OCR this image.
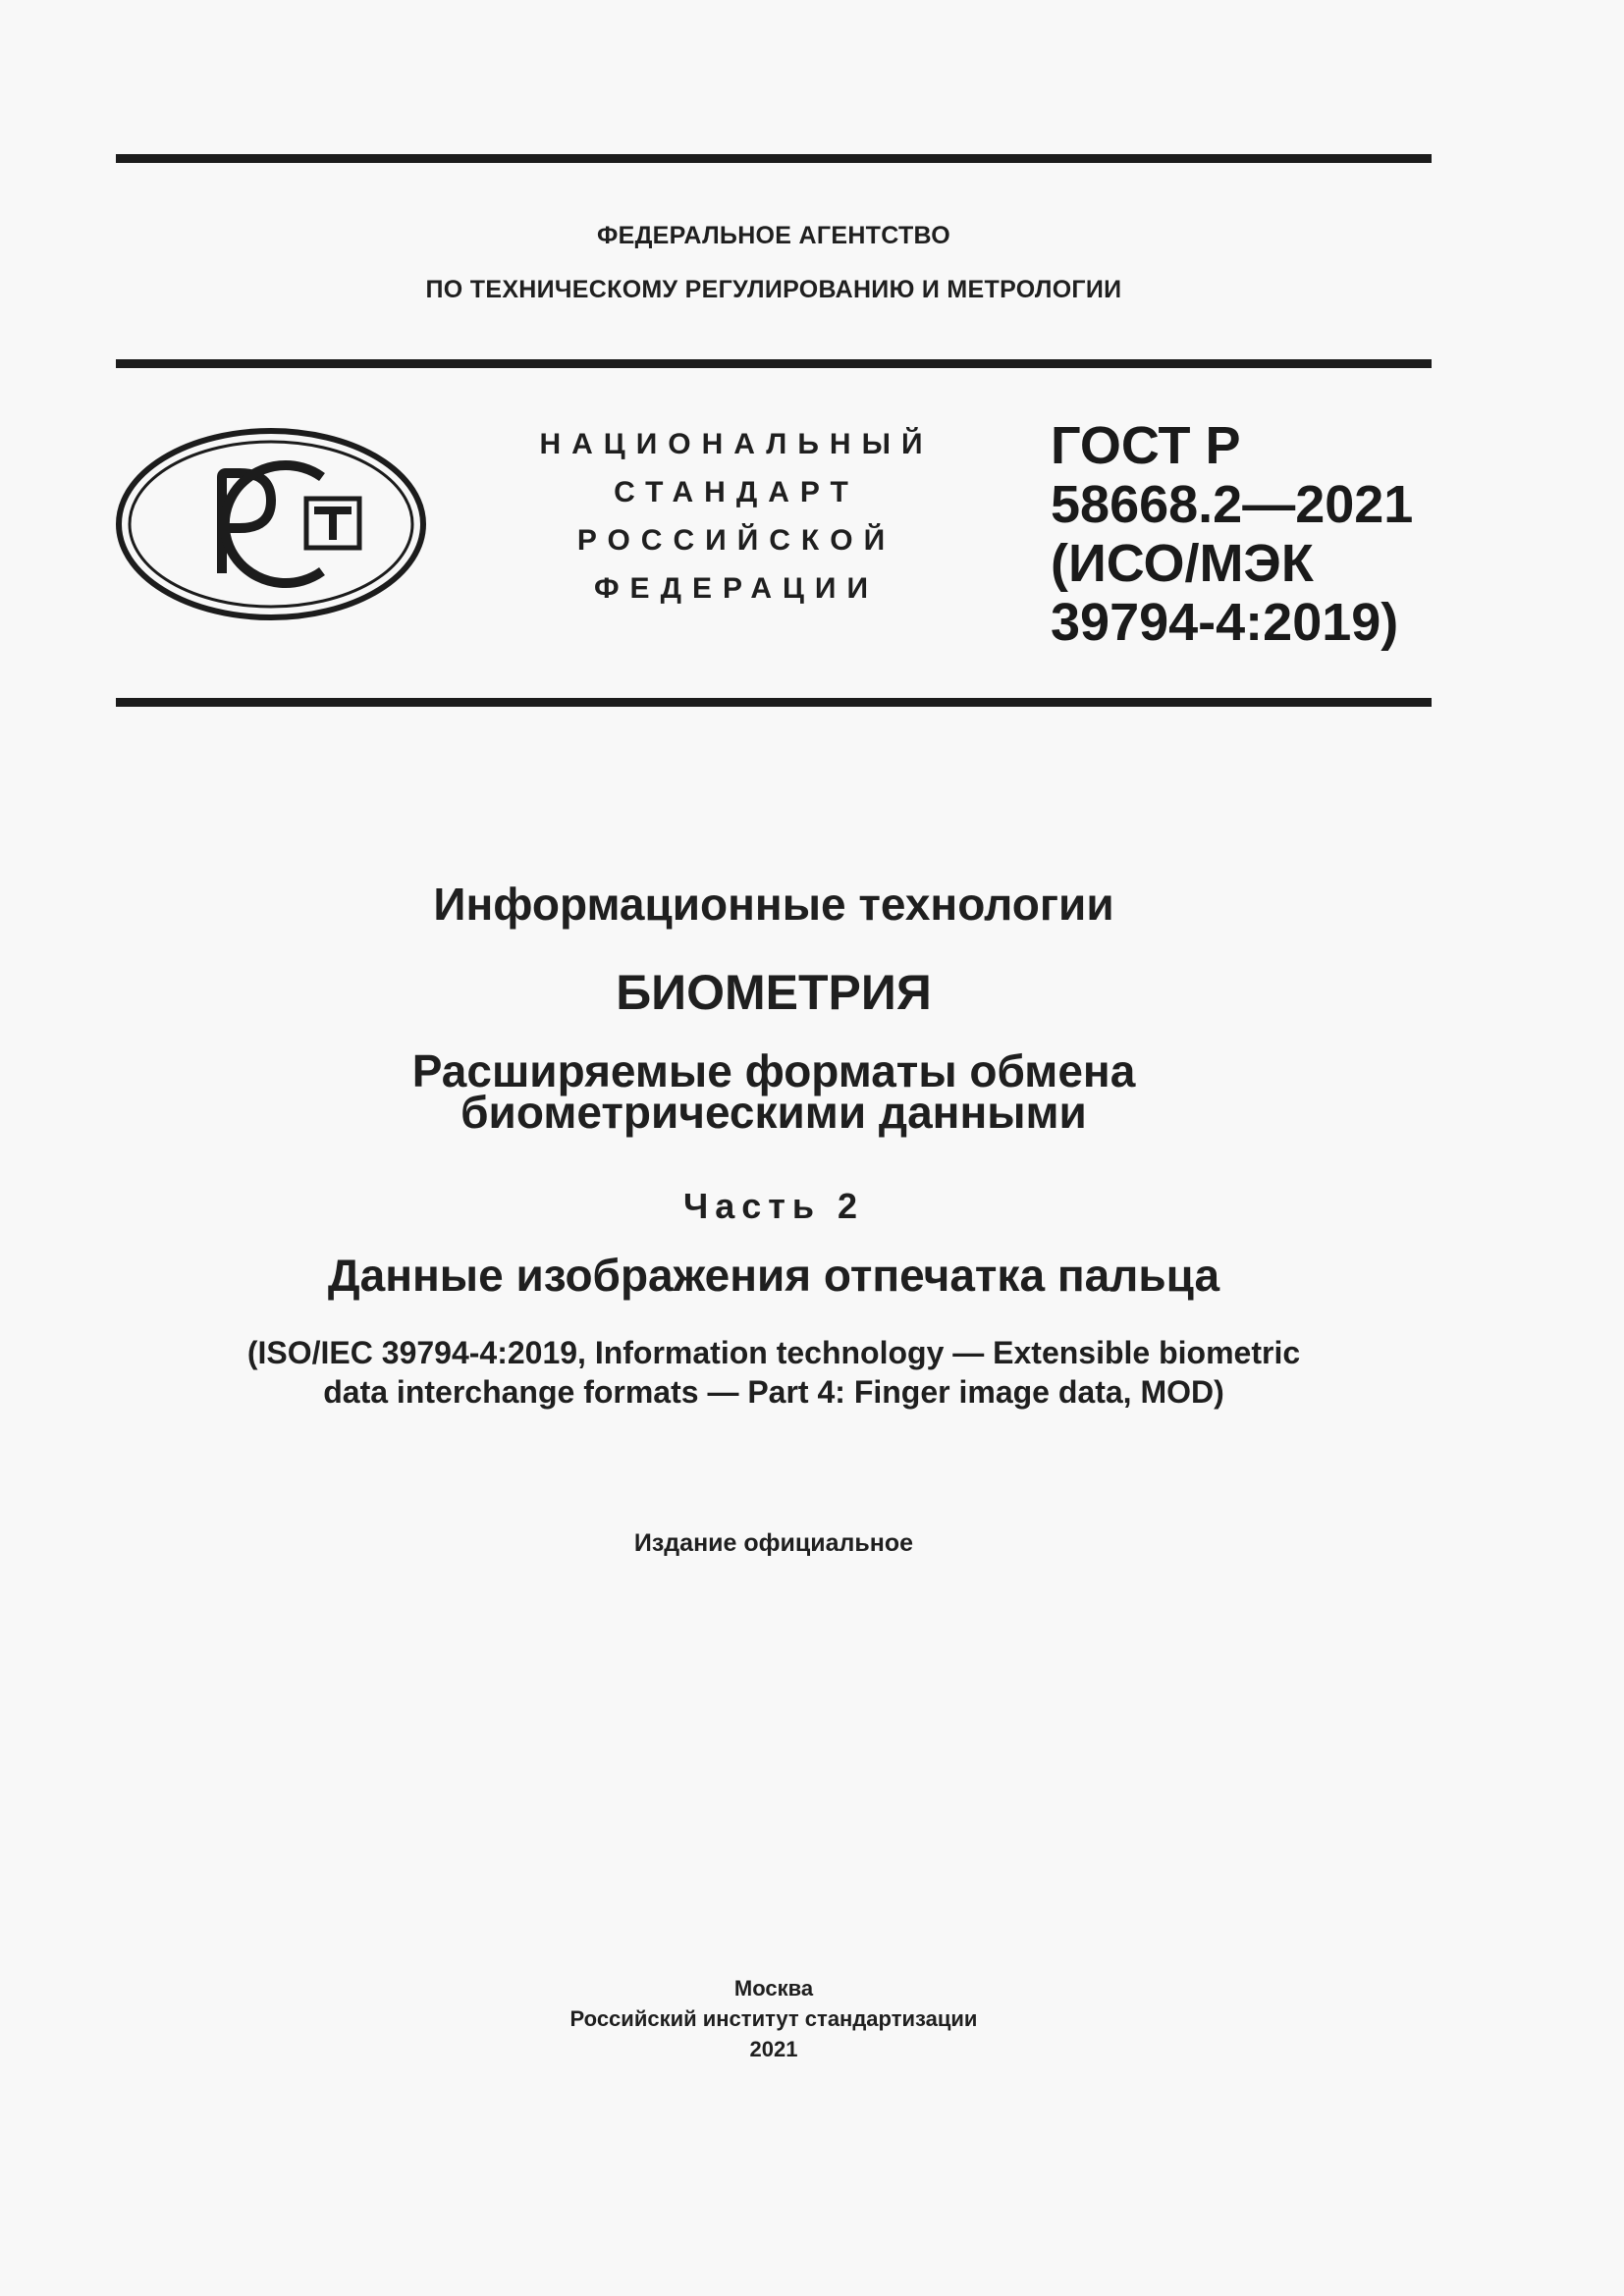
ФЕДЕРАЛЬНОЕ АГЕНТСТВО
ПО ТЕХНИЧЕСКОМУ РЕГУЛИРОВАНИЮ И МЕТРОЛОГИИ
НАЦИОНАЛЬНЫЙ
СТАНДАРТ
РОССИЙСКОЙ
ФЕДЕРАЦИИ
ГОСТ Р
58668.2—2021
(ИСО/МЭК
39794-4:2019)
Информационные технологии
БИОМЕТРИЯ
Расширяемые форматы обмена
биометрическими данными
Часть 2
Данные изображения отпечатка пальца
(ISO/IEC 39794-4:2019, Information technology — Extensible biometric
data interchange formats — Part 4: Finger image data, MOD)
Издание официальное
Москва
Российский институт стандартизации
2021
